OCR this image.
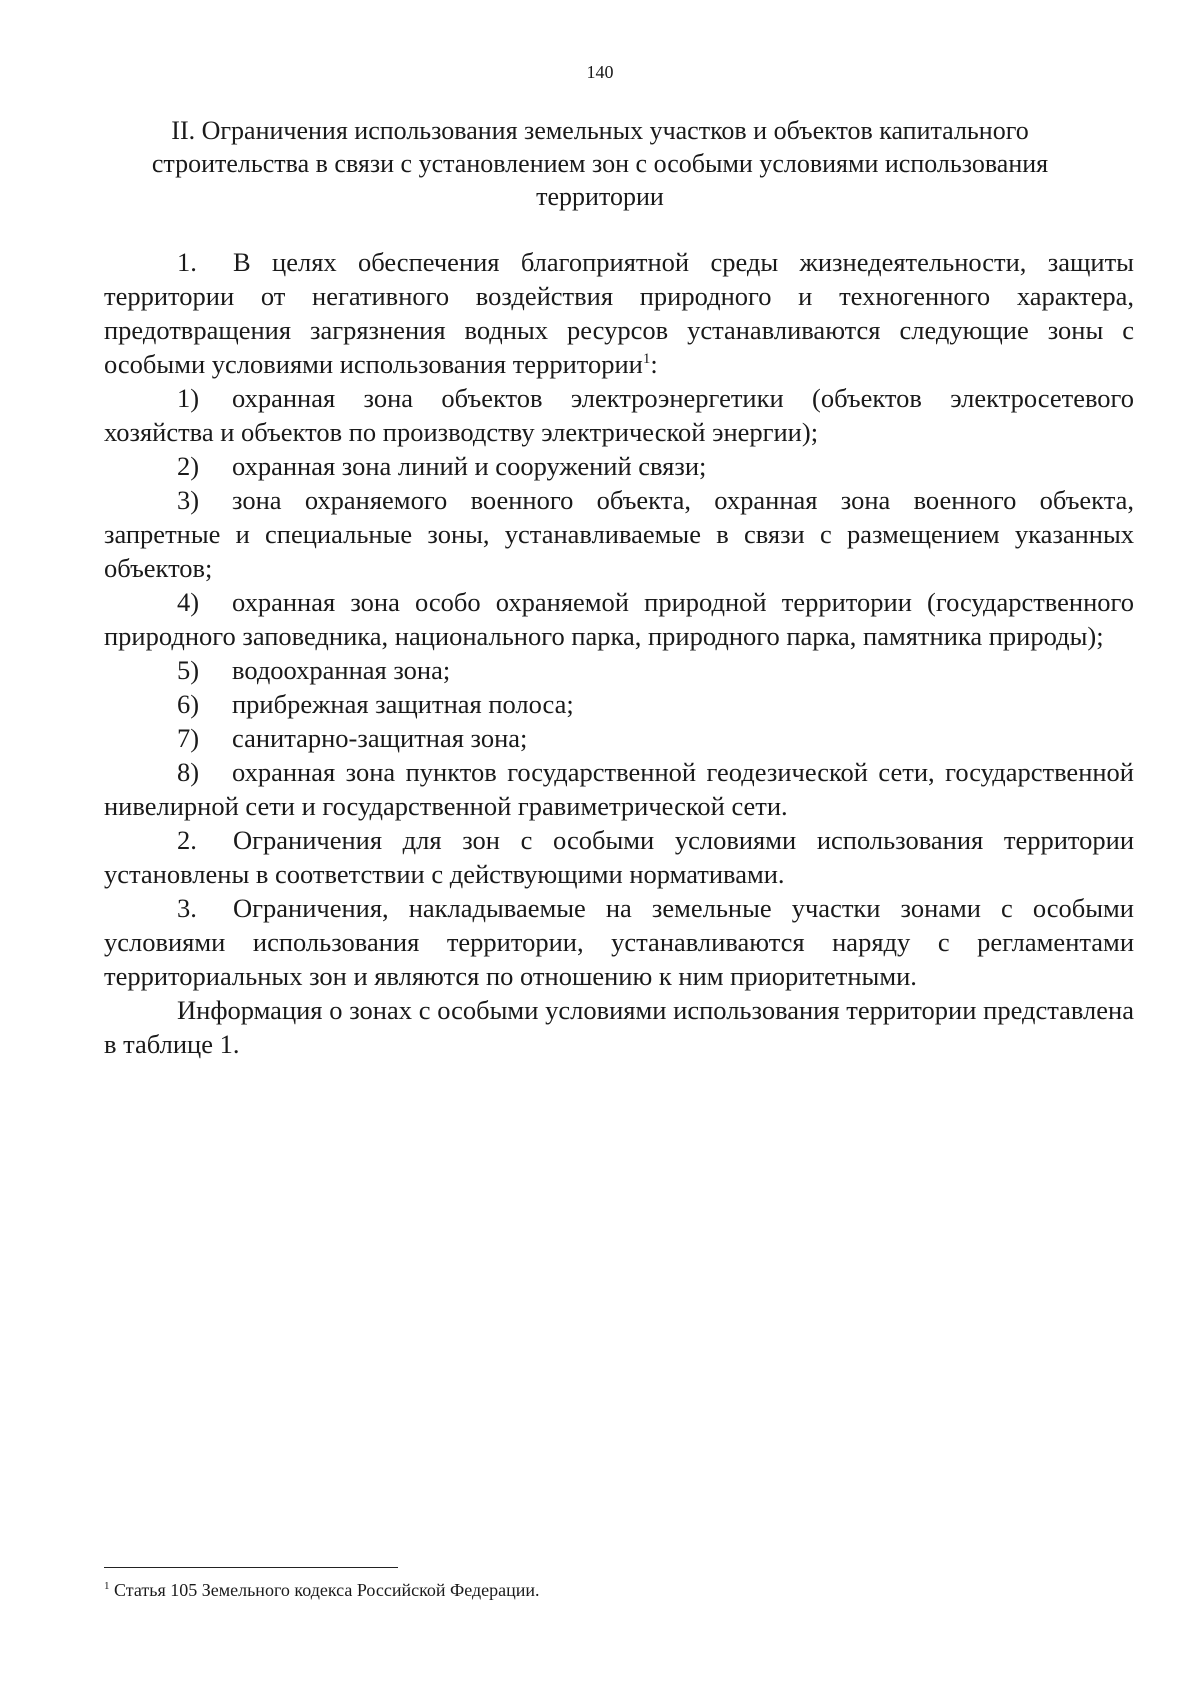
140
II. Ограничения использования земельных участков и объектов капитального
строительства в связи с установлением зон с особыми условиями использования
территории

1. В целях обеспечения благоприятной среды жизнедеятельности, защиты территории от негативного воздействия природного и техногенного характера, предотвращения загрязнения водных ресурсов устанавливаются следующие зоны с особыми условиями использования территории$^1$:

1) охранная зона объектов электроэнергетики (объектов электросетевого хозяйства и объектов по производству электрической энергии);

2) охранная зона линий и сооружений связи;

3) зона охраняемого военного объекта, охранная зона военного объекта, запретные и специальные зоны, устанавливаемые в связи с размещением указанных объектов;

4) охранная зона особо охраняемой природной территории (государственного природного заповедника, национального парка, природного парка, памятника природы);

5) водоохранная зона;

6) прибрежная защитная полоса;

7) санитарно-защитная зона;

8) охранная зона пунктов государственной геодезической сети, государственной нивелирной сети и государственной гравиметрической сети.

2. Ограничения для зон с особыми условиями использования территории установлены в соответствии с действующими нормативами.

3. Ограничения, накладываемые на земельные участки зонами с особыми условиями использования территории, устанавливаются наряду с регламентами территориальных зон и являются по отношению к ним приоритетными.

Информация о зонах с особыми условиями использования территории представлена в таблице 1.

$^1$ Статья 105 Земельного кодекса Российской Федерации.
